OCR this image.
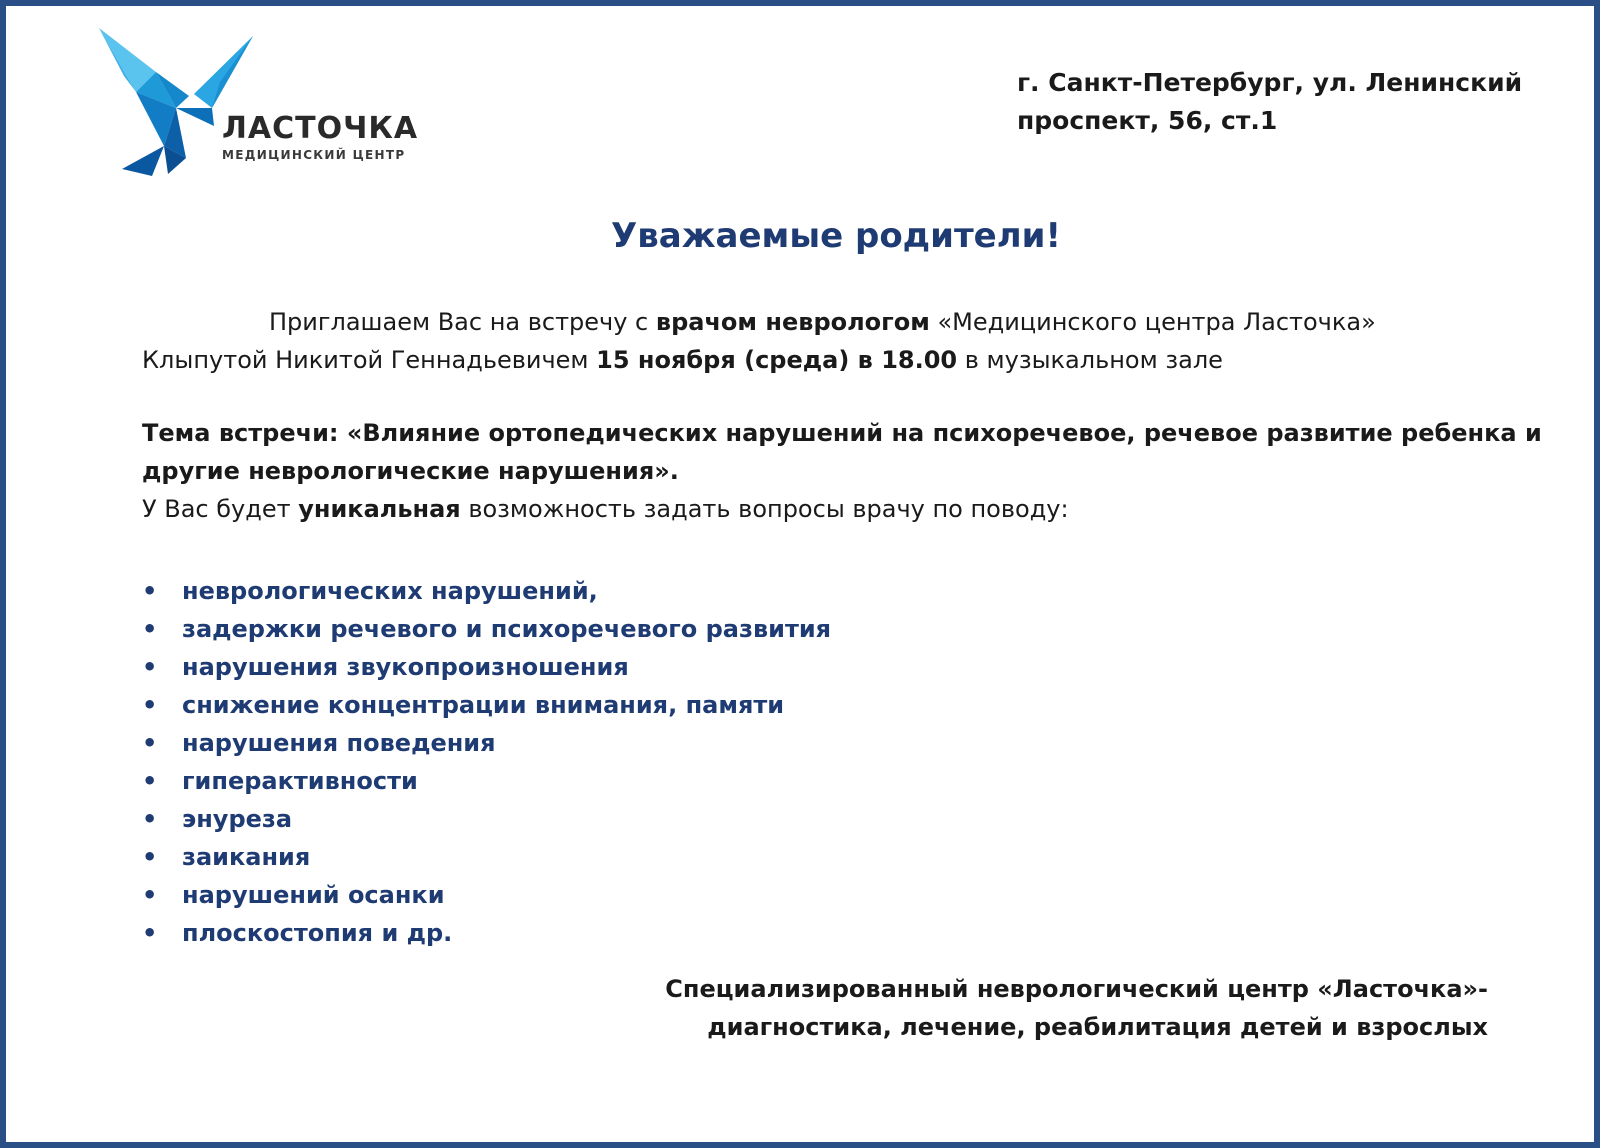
ЛАСТОЧКА
МЕДИЦИНСКИЙ ЦЕНТР
г. Санкт-Петербург, ул. Ленинский
проспект, 56, ст.1
Уважаемые родители!
Приглашаем Вас на встречу с врачом неврологом «Медицинского центра Ласточка»
Клыпутой Никитой Геннадьевичем 15 ноября (среда) в 18.00 в музыкальном зале
Тема встречи: «Влияние ортопедических нарушений на психоречевое, речевое развитие ребенка и
другие неврологические нарушения».
У Вас будет уникальная возможность задать вопросы врачу по поводу:
• неврологических нарушений,
• задержки речевого и психоречевого развития
• нарушения звукопроизношения
• снижение концентрации внимания, памяти
• нарушения поведения
• гиперактивности
• энуреза
• заикания
• нарушений осанки
• плоскостопия и др.
Специализированный неврологический центр «Ласточка»-
диагностика, лечение, реабилитация детей и взрослых
